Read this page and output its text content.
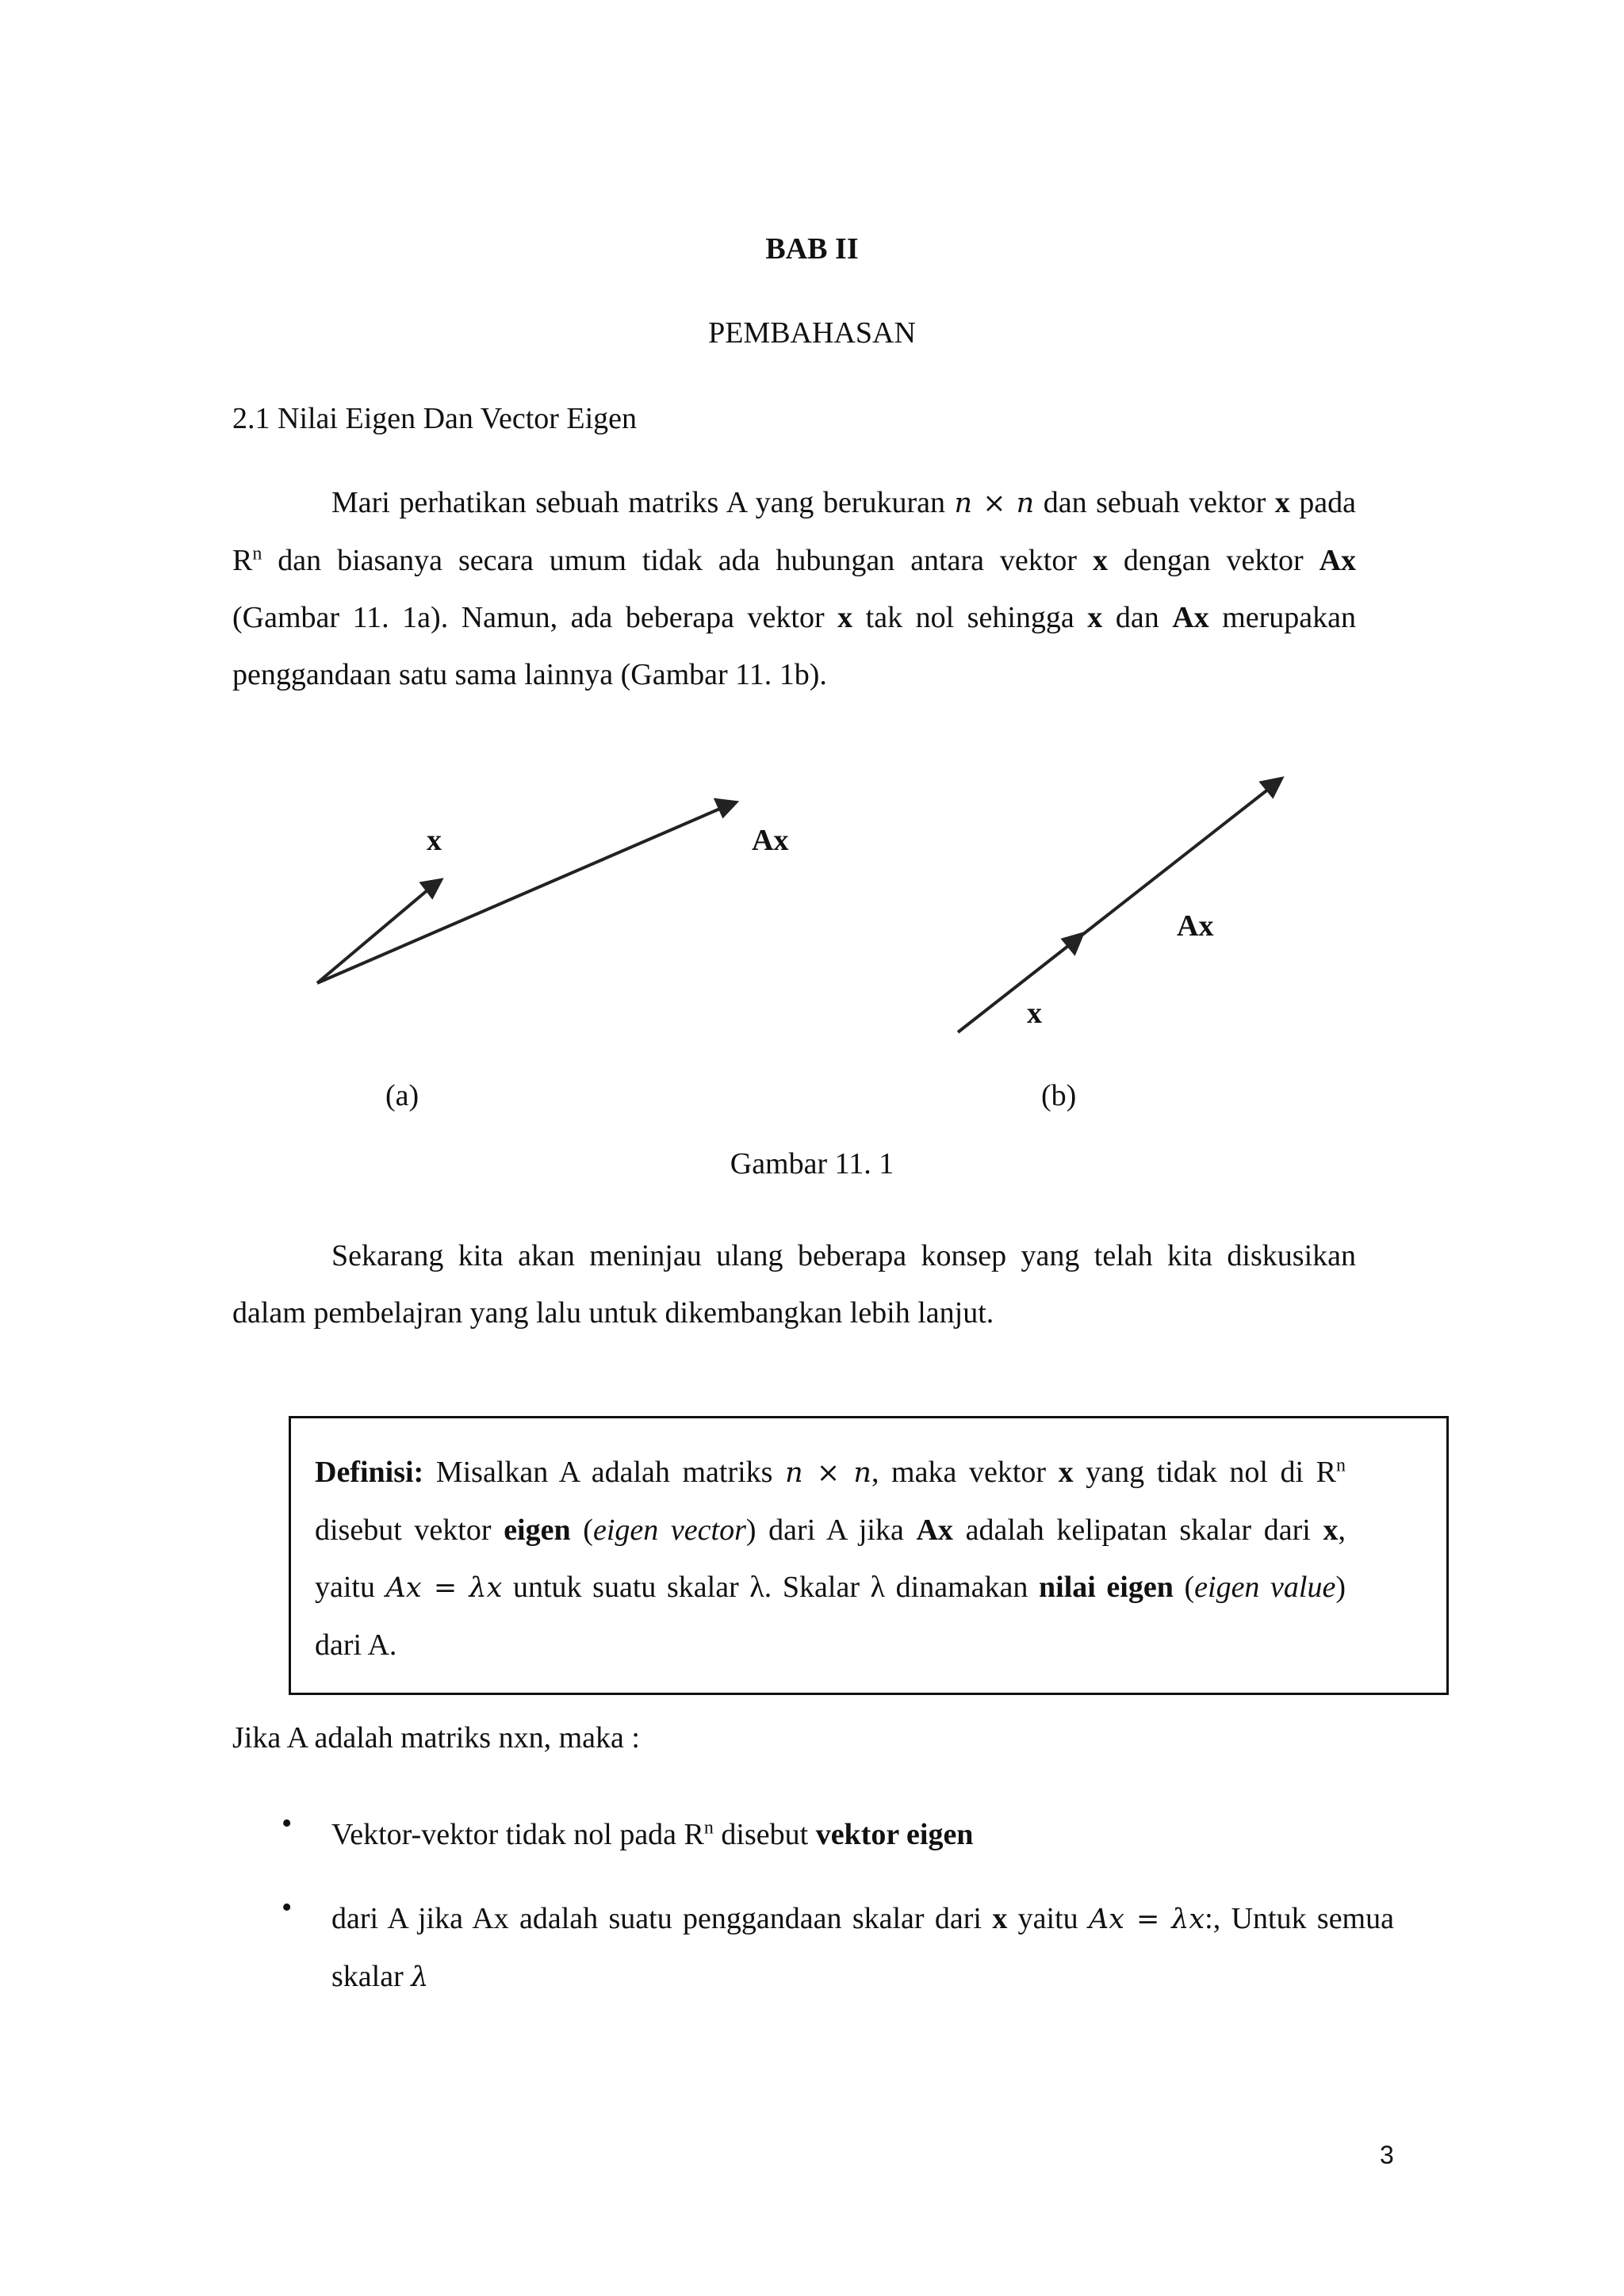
BAB II
PEMBAHASAN
2.1 Nilai Eigen Dan Vector Eigen

Mari perhatikan sebuah matriks A yang berukuran n × n dan sebuah vektor x pada $R^n$ dan biasanya secara umum tidak ada hubungan antara vektor x dengan vektor Ax (Gambar 11. 1a). Namun, ada beberapa vektor x tak nol sehingga x dan Ax merupakan penggandaan satu sama lainnya (Gambar 11. 1b).

x	Ax
Ax
x
(a)	(b)
Gambar 11. 1

Sekarang kita akan meninjau ulang beberapa konsep yang telah kita diskusikan dalam pembelajran yang lalu untuk dikembangkan lebih lanjut.

Definisi: Misalkan A adalah matriks n × n, maka vektor x yang tidak nol di $R^n$ disebut vektor eigen (eigen vector) dari A jika Ax adalah kelipatan skalar dari x, yaitu Ax = λx untuk suatu skalar λ. Skalar λ dinamakan nilai eigen (eigen value) dari A.

Jika A adalah matriks nxn, maka :
• Vektor-vektor tidak nol pada $R^n$ disebut vektor eigen

• dari A jika Ax adalah suatu penggandaan skalar dari x yaitu Ax = λx:, Untuk semua skalar λ

3
